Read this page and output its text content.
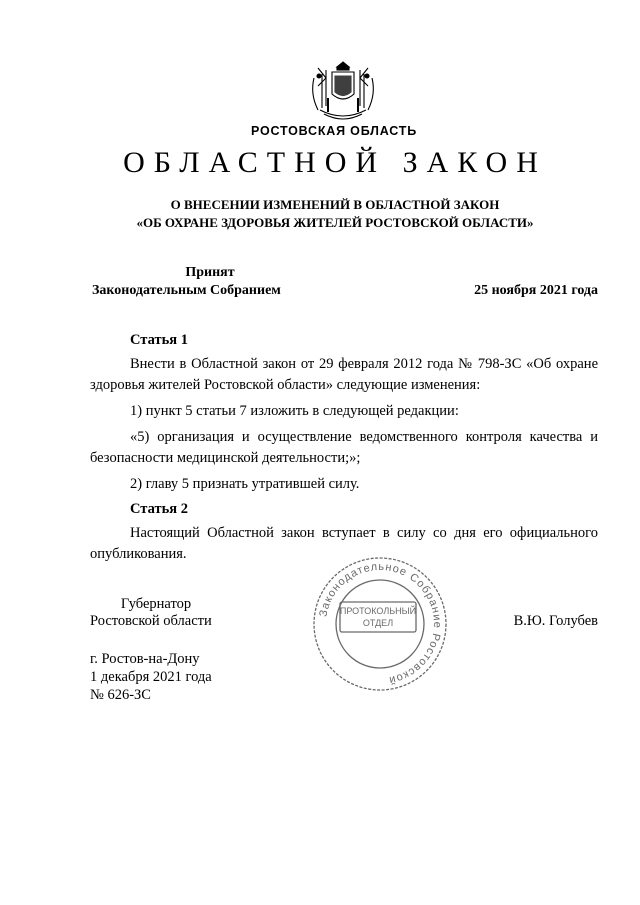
РОСТОВСКАЯ ОБЛАСТЬ
ОБЛАСТНОЙ ЗАКОН
О ВНЕСЕНИИ ИЗМЕНЕНИЙ В ОБЛАСТНОЙ ЗАКОН
«ОБ ОХРАНЕ ЗДОРОВЬЯ ЖИТЕЛЕЙ РОСТОВСКОЙ ОБЛАСТИ»
Принят
Законодательным Собранием	25 ноября 2021 года
Статья 1

Внести в Областной закон от 29 февраля 2012 года № 798-ЗС «Об охране здоровья жителей Ростовской области» следующие изменения:

1) пункт 5 статьи 7 изложить в следующей редакции:

«5) организация и осуществление ведомственного контроля качества и безопасности медицинской деятельности;»;

2) главу 5 признать утратившей силу.

Статья 2

Настоящий Областной закон вступает в силу со дня его официального опубликования.

Законодательное Собрание Ростовской
ПРОТОКОЛЬНЫЙ
ОТДЕЛ
Губернатор
Ростовской области	В.Ю. Голубев
г. Ростов-на-Дону
1 декабря 2021 года
№ 626-ЗС
